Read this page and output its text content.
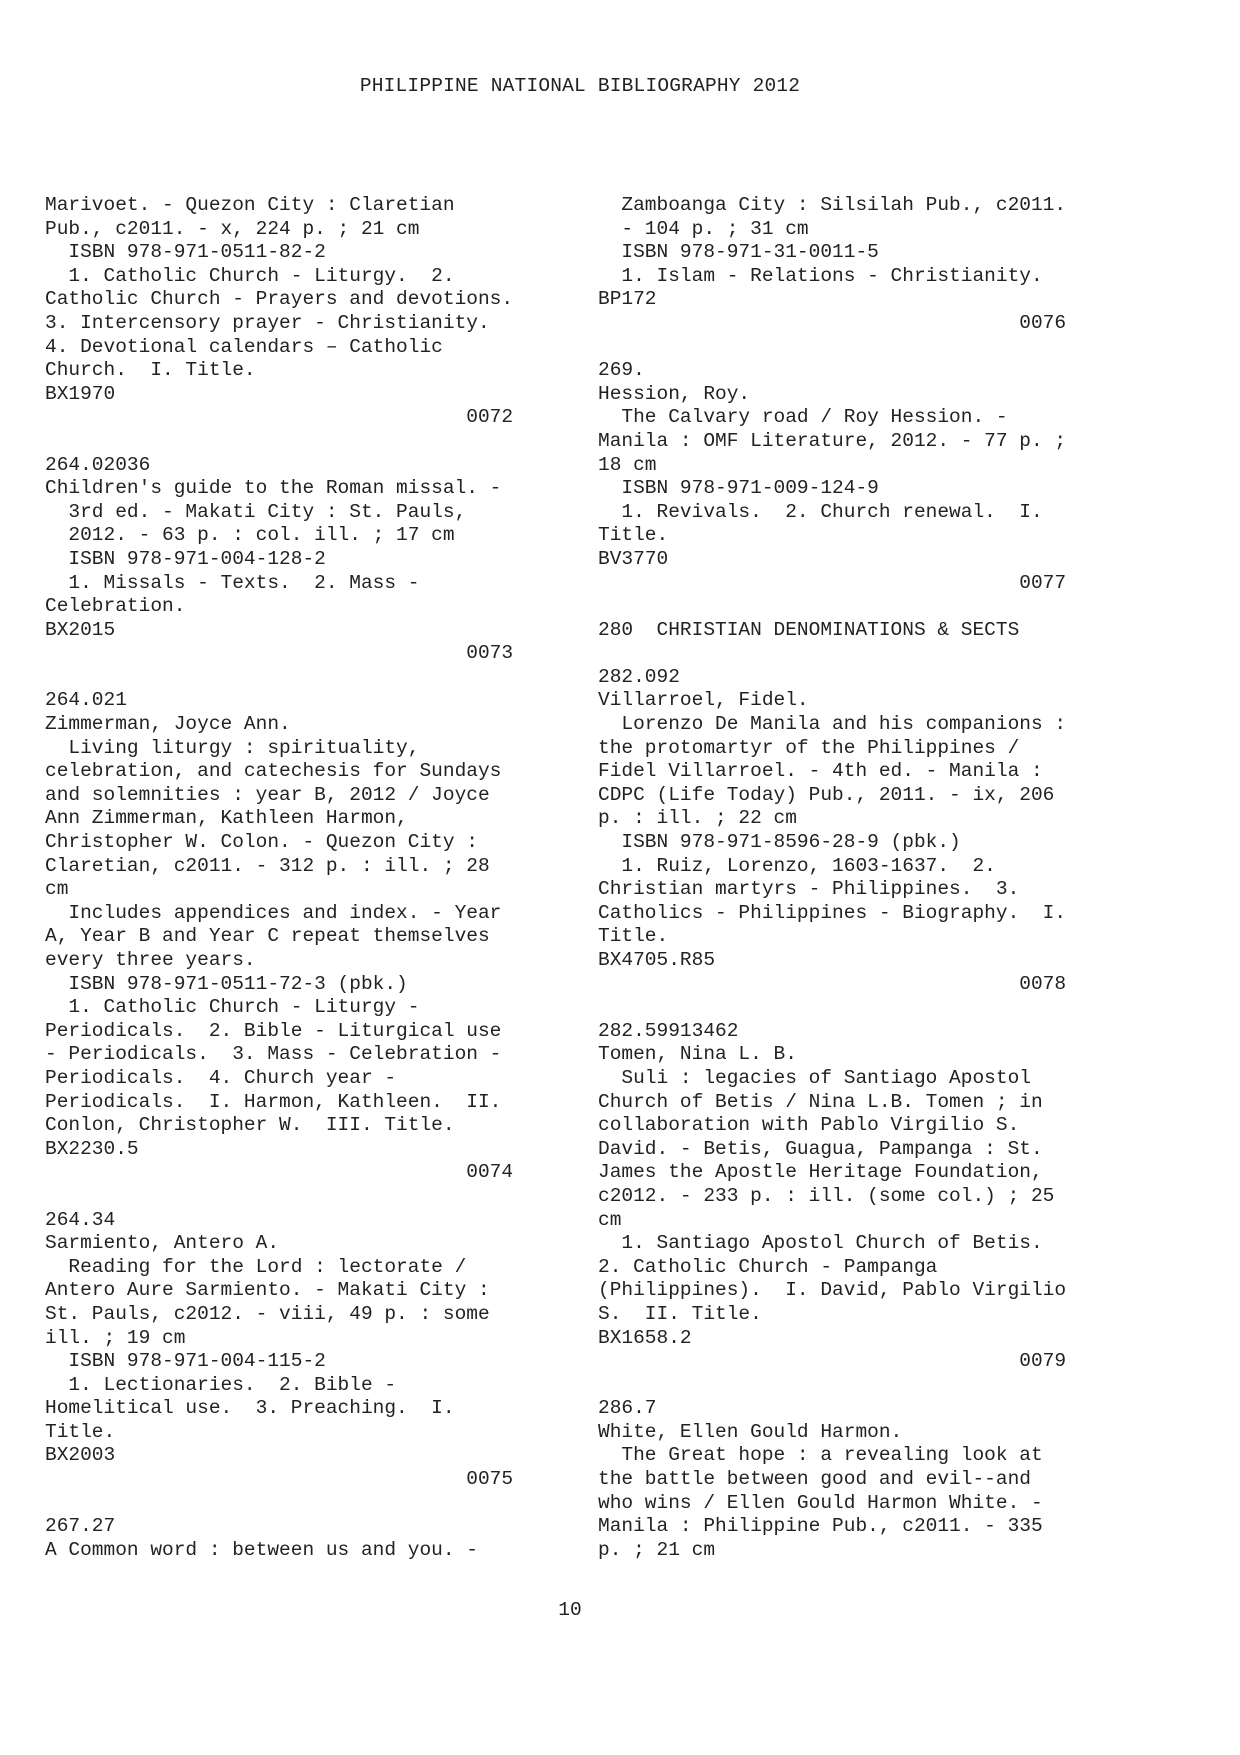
PHILIPPINE NATIONAL BIBLIOGRAPHY 2012
Marivoet. - Quezon City : Claretian
Pub., c2011. - x, 224 p. ; 21 cm
ISBN 978-971-0511-82-2
1. Catholic Church - Liturgy.  2.
Catholic Church - Prayers and devotions.
3. Intercensory prayer - Christianity.
4. Devotional calendars – Catholic
Church.  I. Title.
BX1970
0072
264.02036
Children's guide to the Roman missal. -
3rd ed. - Makati City : St. Pauls,
2012. - 63 p. : col. ill. ; 17 cm
ISBN 978-971-004-128-2
1. Missals - Texts.  2. Mass -
Celebration.
BX2015
0073
264.021
Zimmerman, Joyce Ann.
Living liturgy : spirituality,
celebration, and catechesis for Sundays
and solemnities : year B, 2012 / Joyce
Ann Zimmerman, Kathleen Harmon,
Christopher W. Colon. - Quezon City :
Claretian, c2011. - 312 p. : ill. ; 28
cm
Includes appendices and index. - Year
A, Year B and Year C repeat themselves
every three years.
ISBN 978-971-0511-72-3 (pbk.)
1. Catholic Church - Liturgy -
Periodicals.  2. Bible - Liturgical use
- Periodicals.  3. Mass - Celebration -
Periodicals.  4. Church year -
Periodicals.  I. Harmon, Kathleen.  II.
Conlon, Christopher W.  III. Title.
BX2230.5
0074
264.34
Sarmiento, Antero A.
Reading for the Lord : lectorate /
Antero Aure Sarmiento. - Makati City :
St. Pauls, c2012. - viii, 49 p. : some
ill. ; 19 cm
ISBN 978-971-004-115-2
1. Lectionaries.  2. Bible -
Homelitical use.  3. Preaching.  I.
Title.
BX2003
0075
267.27
A Common word : between us and you. -
Zamboanga City : Silsilah Pub., c2011.
- 104 p. ; 31 cm
ISBN 978-971-31-0011-5
1. Islam - Relations - Christianity.
BP172
0076
269.
Hession, Roy.
The Calvary road / Roy Hession. -
Manila : OMF Literature, 2012. - 77 p. ;
18 cm
ISBN 978-971-009-124-9
1. Revivals.  2. Church renewal.  I.
Title.
BV3770
0077
280  CHRISTIAN DENOMINATIONS & SECTS
282.092
Villarroel, Fidel.
Lorenzo De Manila and his companions :
the protomartyr of the Philippines /
Fidel Villarroel. - 4th ed. - Manila :
CDPC (Life Today) Pub., 2011. - ix, 206
p. : ill. ; 22 cm
ISBN 978-971-8596-28-9 (pbk.)
1. Ruiz, Lorenzo, 1603-1637.  2.
Christian martyrs - Philippines.  3.
Catholics - Philippines - Biography.  I.
Title.
BX4705.R85
0078
282.59913462
Tomen, Nina L. B.
Suli : legacies of Santiago Apostol
Church of Betis / Nina L.B. Tomen ; in
collaboration with Pablo Virgilio S.
David. - Betis, Guagua, Pampanga : St.
James the Apostle Heritage Foundation,
c2012. - 233 p. : ill. (some col.) ; 25
cm
1. Santiago Apostol Church of Betis.
2. Catholic Church - Pampanga
(Philippines).  I. David, Pablo Virgilio
S.  II. Title.
BX1658.2
0079
286.7
White, Ellen Gould Harmon.
The Great hope : a revealing look at
the battle between good and evil--and
who wins / Ellen Gould Harmon White. -
Manila : Philippine Pub., c2011. - 335
p. ; 21 cm
10
